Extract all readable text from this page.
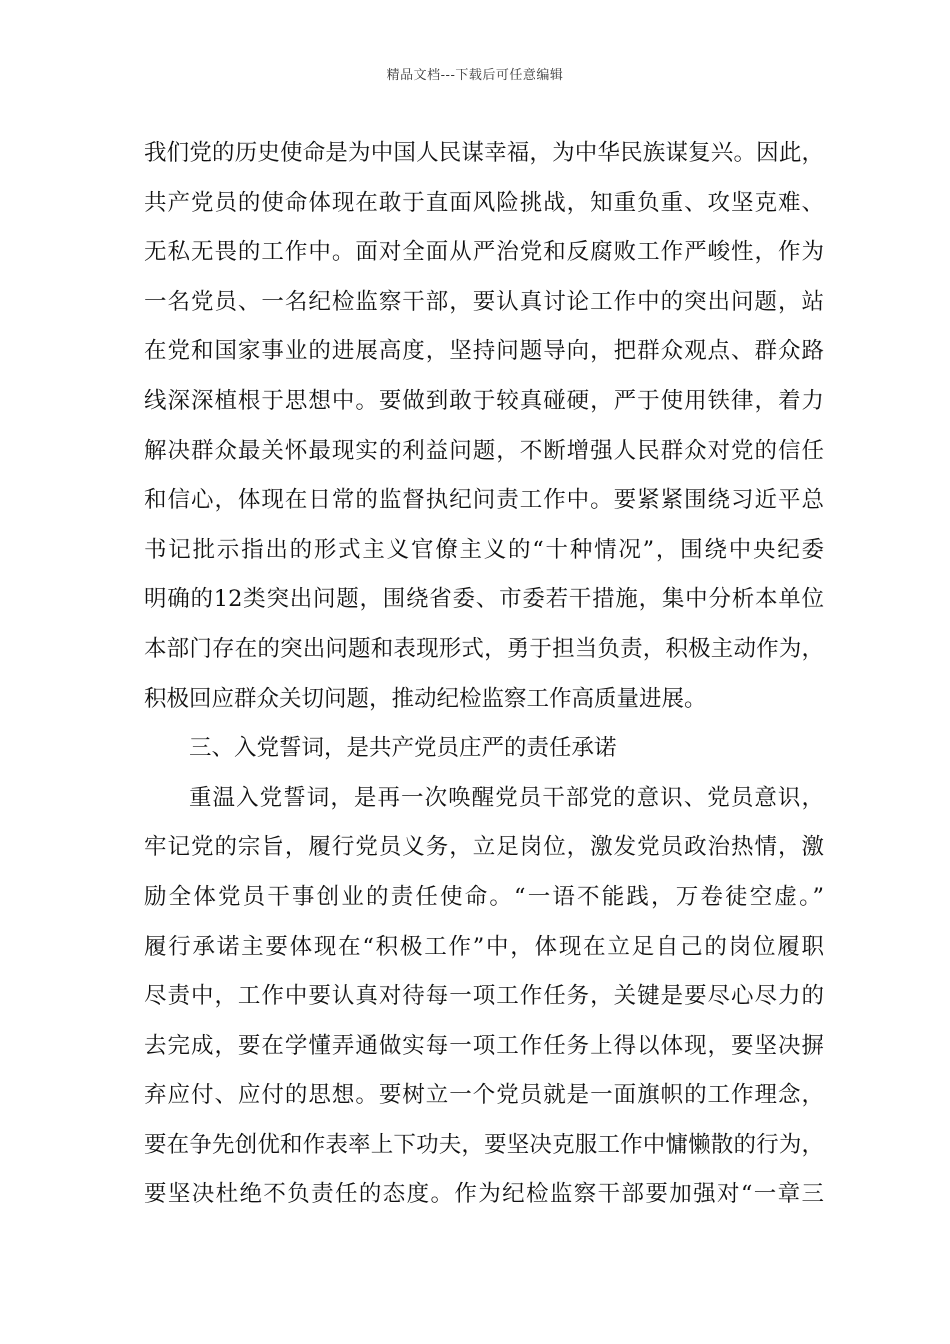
精品文档---下载后可任意编辑
我们党的历史使命是为中国人民谋幸福，为中华民族谋复兴。因此，
共产党员的使命体现在敢于直面风险挑战，知重负重、攻坚克难、
无私无畏的工作中。面对全面从严治党和反腐败工作严峻性，作为
一名党员、一名纪检监察干部，要认真讨论工作中的突出问题，站
在党和国家事业的进展高度，坚持问题导向，把群众观点、群众路
线深深植根于思想中。要做到敢于较真碰硬，严于使用铁律，着力
解决群众最关怀最现实的利益问题，不断增强人民群众对党的信任
和信心，体现在日常的监督执纪问责工作中。要紧紧围绕习近平总
书记批示指出的形式主义官僚主义的“十种情况”，围绕中央纪委
明确的12类突出问题，围绕省委、市委若干措施，集中分析本单位
本部门存在的突出问题和表现形式，勇于担当负责，积极主动作为，
积极回应群众关切问题，推动纪检监察工作高质量进展。
三、入党誓词，是共产党员庄严的责任承诺
重温入党誓词，是再一次唤醒党员干部党的意识、党员意识，
牢记党的宗旨，履行党员义务，立足岗位，激发党员政治热情，激
励全体党员干事创业的责任使命。“一语不能践，万卷徒空虚。”
履行承诺主要体现在“积极工作”中，体现在立足自己的岗位履职
尽责中，工作中要认真对待每一项工作任务，关键是要尽心尽力的
去完成，要在学懂弄通做实每一项工作任务上得以体现，要坚决摒
弃应付、应付的思想。要树立一个党员就是一面旗帜的工作理念，
要在争先创优和作表率上下功夫，要坚决克服工作中慵懒散的行为，
要坚决杜绝不负责任的态度。作为纪检监察干部要加强对“一章三
